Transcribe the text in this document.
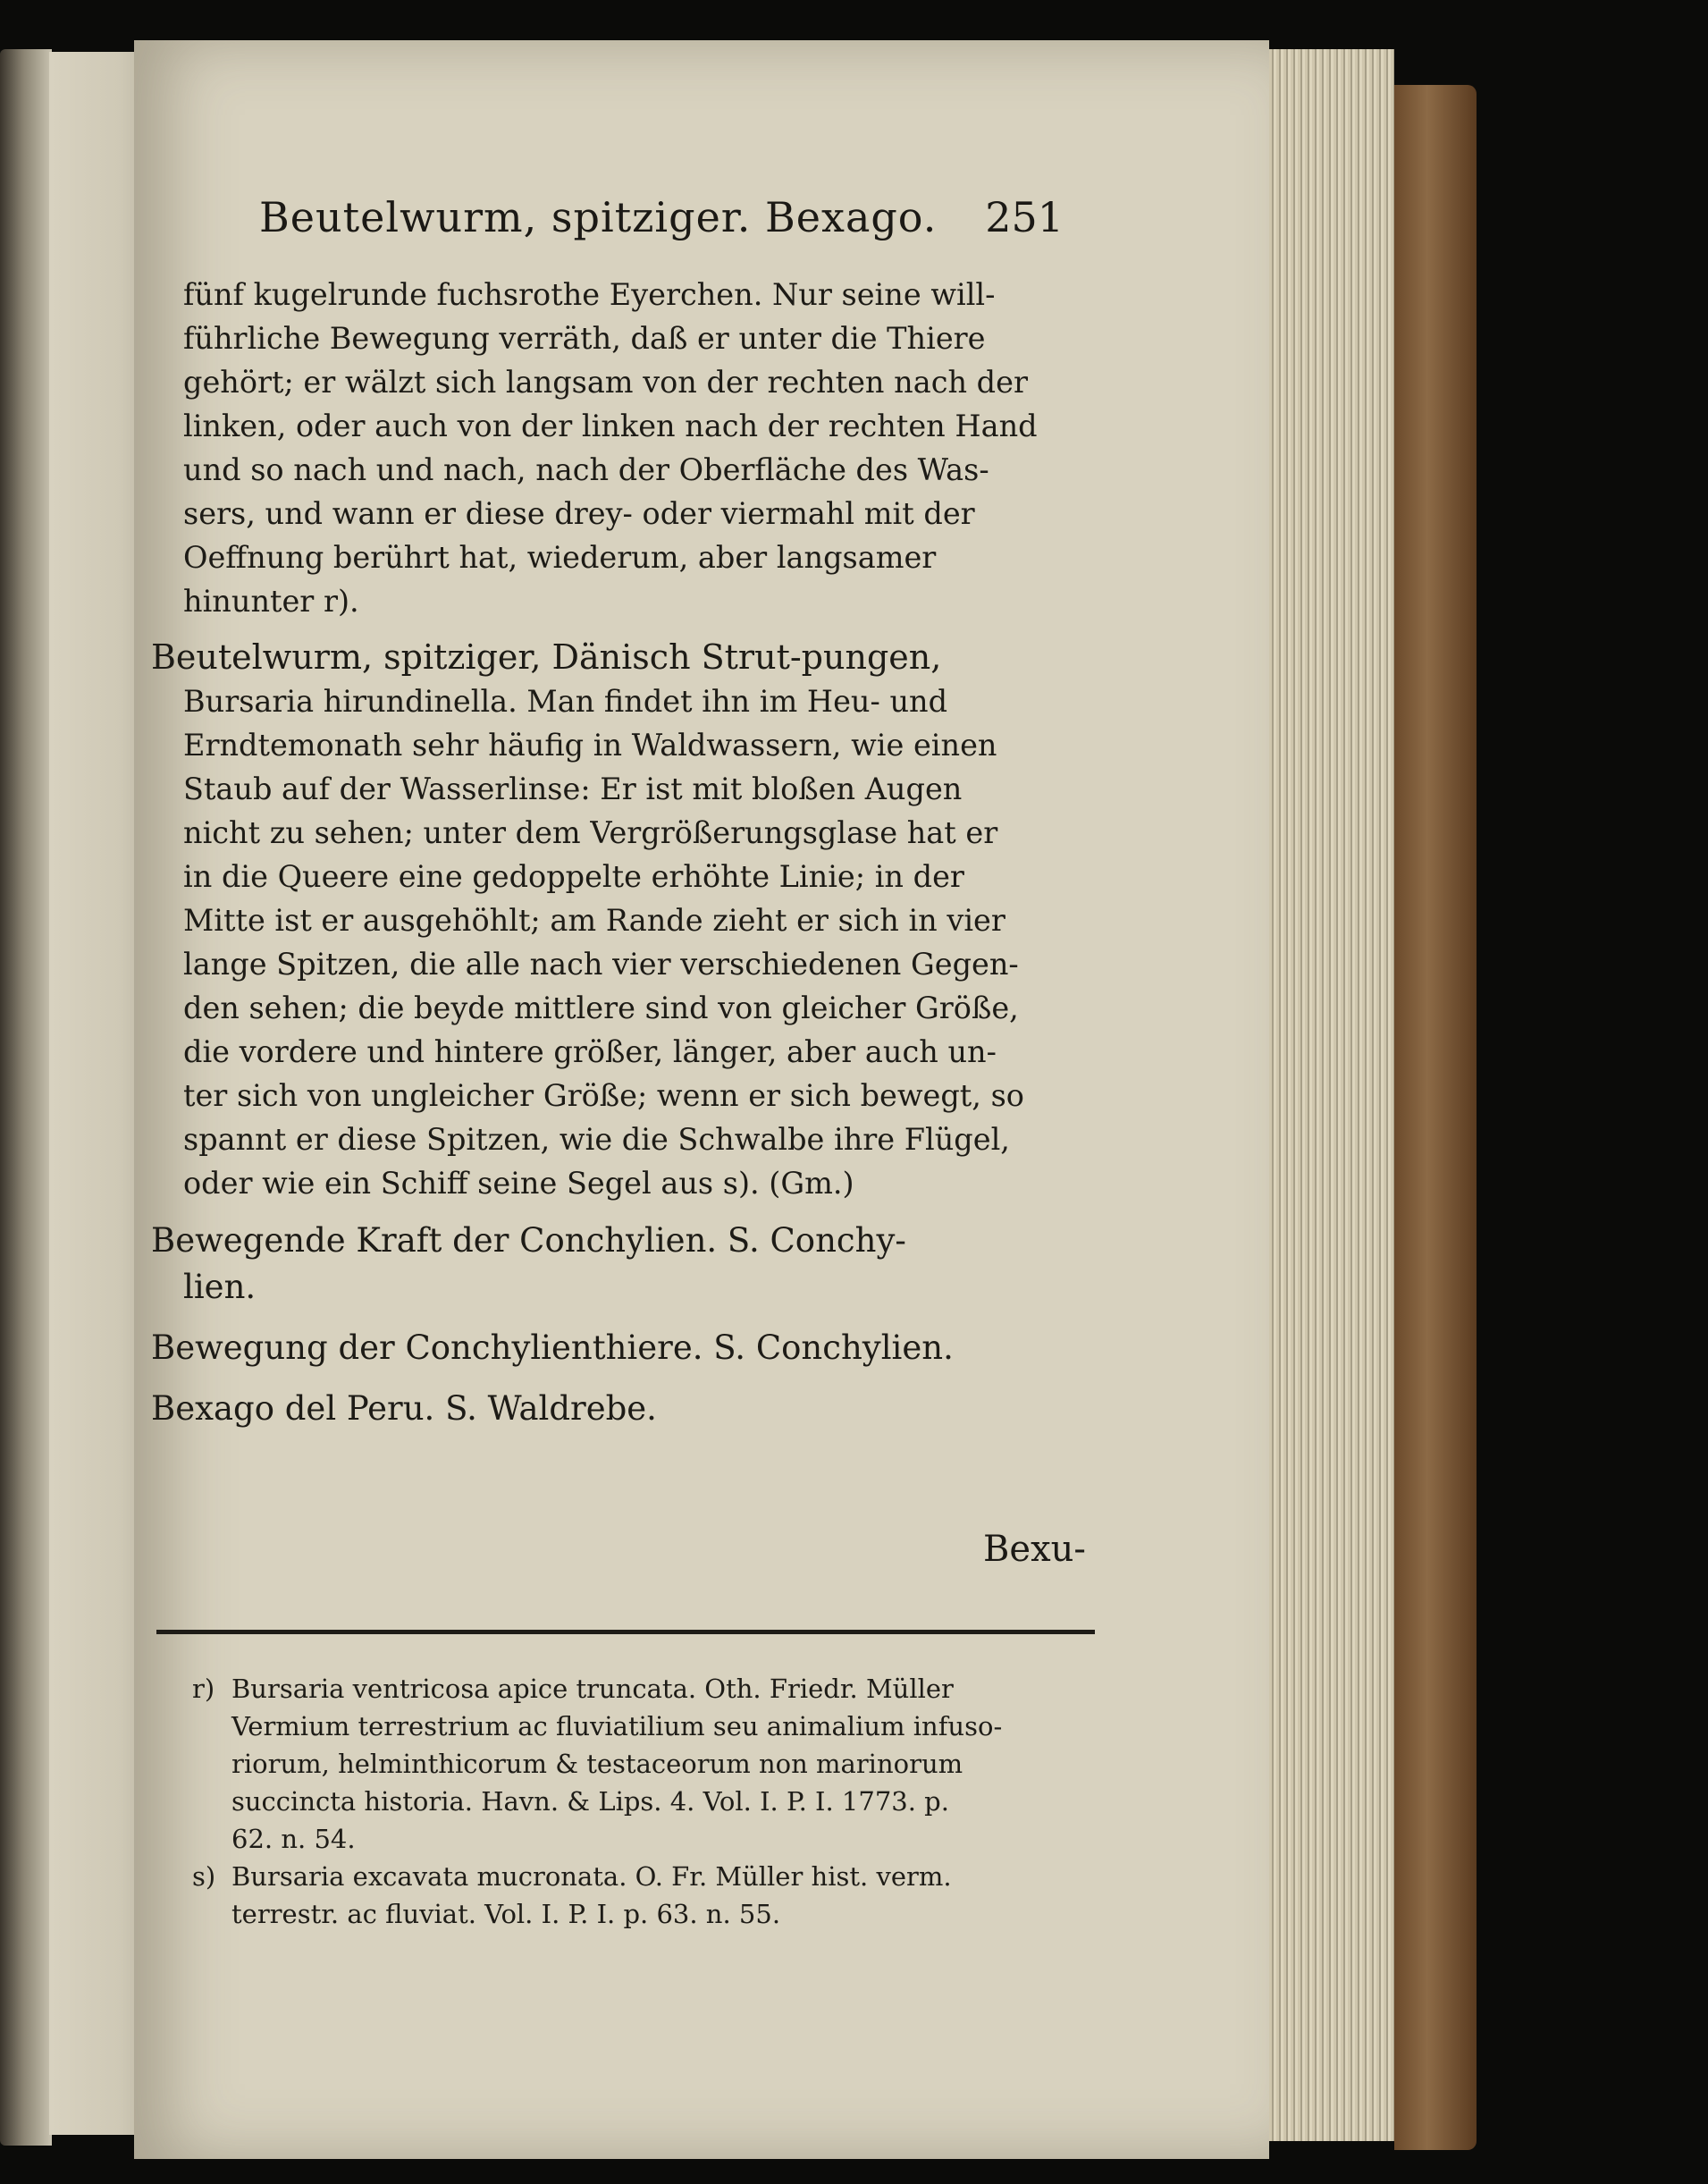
Beutelwurm, spitziger. Bexago. 251
fünf kugelrunde fuchsrothe Eyerchen. Nur seine will-
führliche Bewegung verräth, daß er unter die Thiere
gehört; er wälzt sich langsam von der rechten nach der
linken, oder auch von der linken nach der rechten Hand
und so nach und nach, nach der Oberfläche des Was-
sers, und wann er diese drey- oder viermahl mit der
Oeffnung berührt hat, wiederum, aber langsamer
hinunter r).
Beutelwurm, spitziger, Dänisch Strut-pungen,
Bursaria hirundinella. Man findet ihn im Heu- und
Erndtemonath sehr häufig in Waldwassern, wie einen
Staub auf der Wasserlinse: Er ist mit bloßen Augen
nicht zu sehen; unter dem Vergrößerungsglase hat er
in die Queere eine gedoppelte erhöhte Linie; in der
Mitte ist er ausgehöhlt; am Rande zieht er sich in vier
lange Spitzen, die alle nach vier verschiedenen Gegen-
den sehen; die beyde mittlere sind von gleicher Größe,
die vordere und hintere größer, länger, aber auch un-
ter sich von ungleicher Größe; wenn er sich bewegt, so
spannt er diese Spitzen, wie die Schwalbe ihre Flügel,
oder wie ein Schiff seine Segel aus s). (Gm.)
Bewegende Kraft der Conchylien. S. Conchy-
lien.
Bewegung der Conchylienthiere. S. Conchylien.
Bexago del Peru. S. Waldrebe.
Bexu-
r) Bursaria ventricosa apice truncata. Oth. Friedr. Müller
Vermium terrestrium ac fluviatilium seu animalium infuso-
riorum, helminthicorum & testaceorum non marinorum
succincta historia. Havn. & Lips. 4. Vol. I. P. I. 1773. p.
62. n. 54.
s) Bursaria excavata mucronata. O. Fr. Müller hist. verm.
terrestr. ac fluviat. Vol. I. P. I. p. 63. n. 55.
